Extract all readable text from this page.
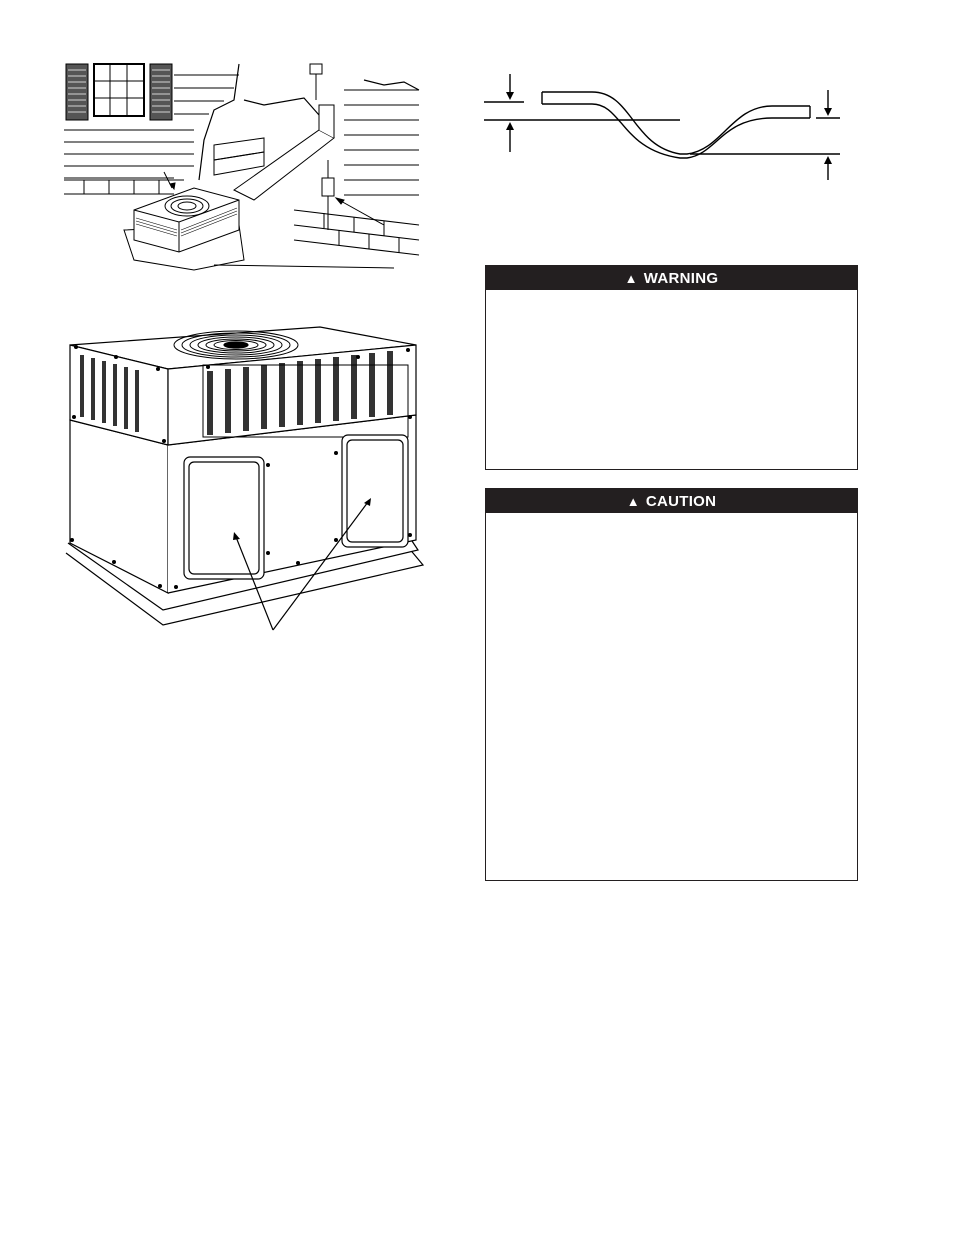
▲ WARNING
▲ CAUTION
